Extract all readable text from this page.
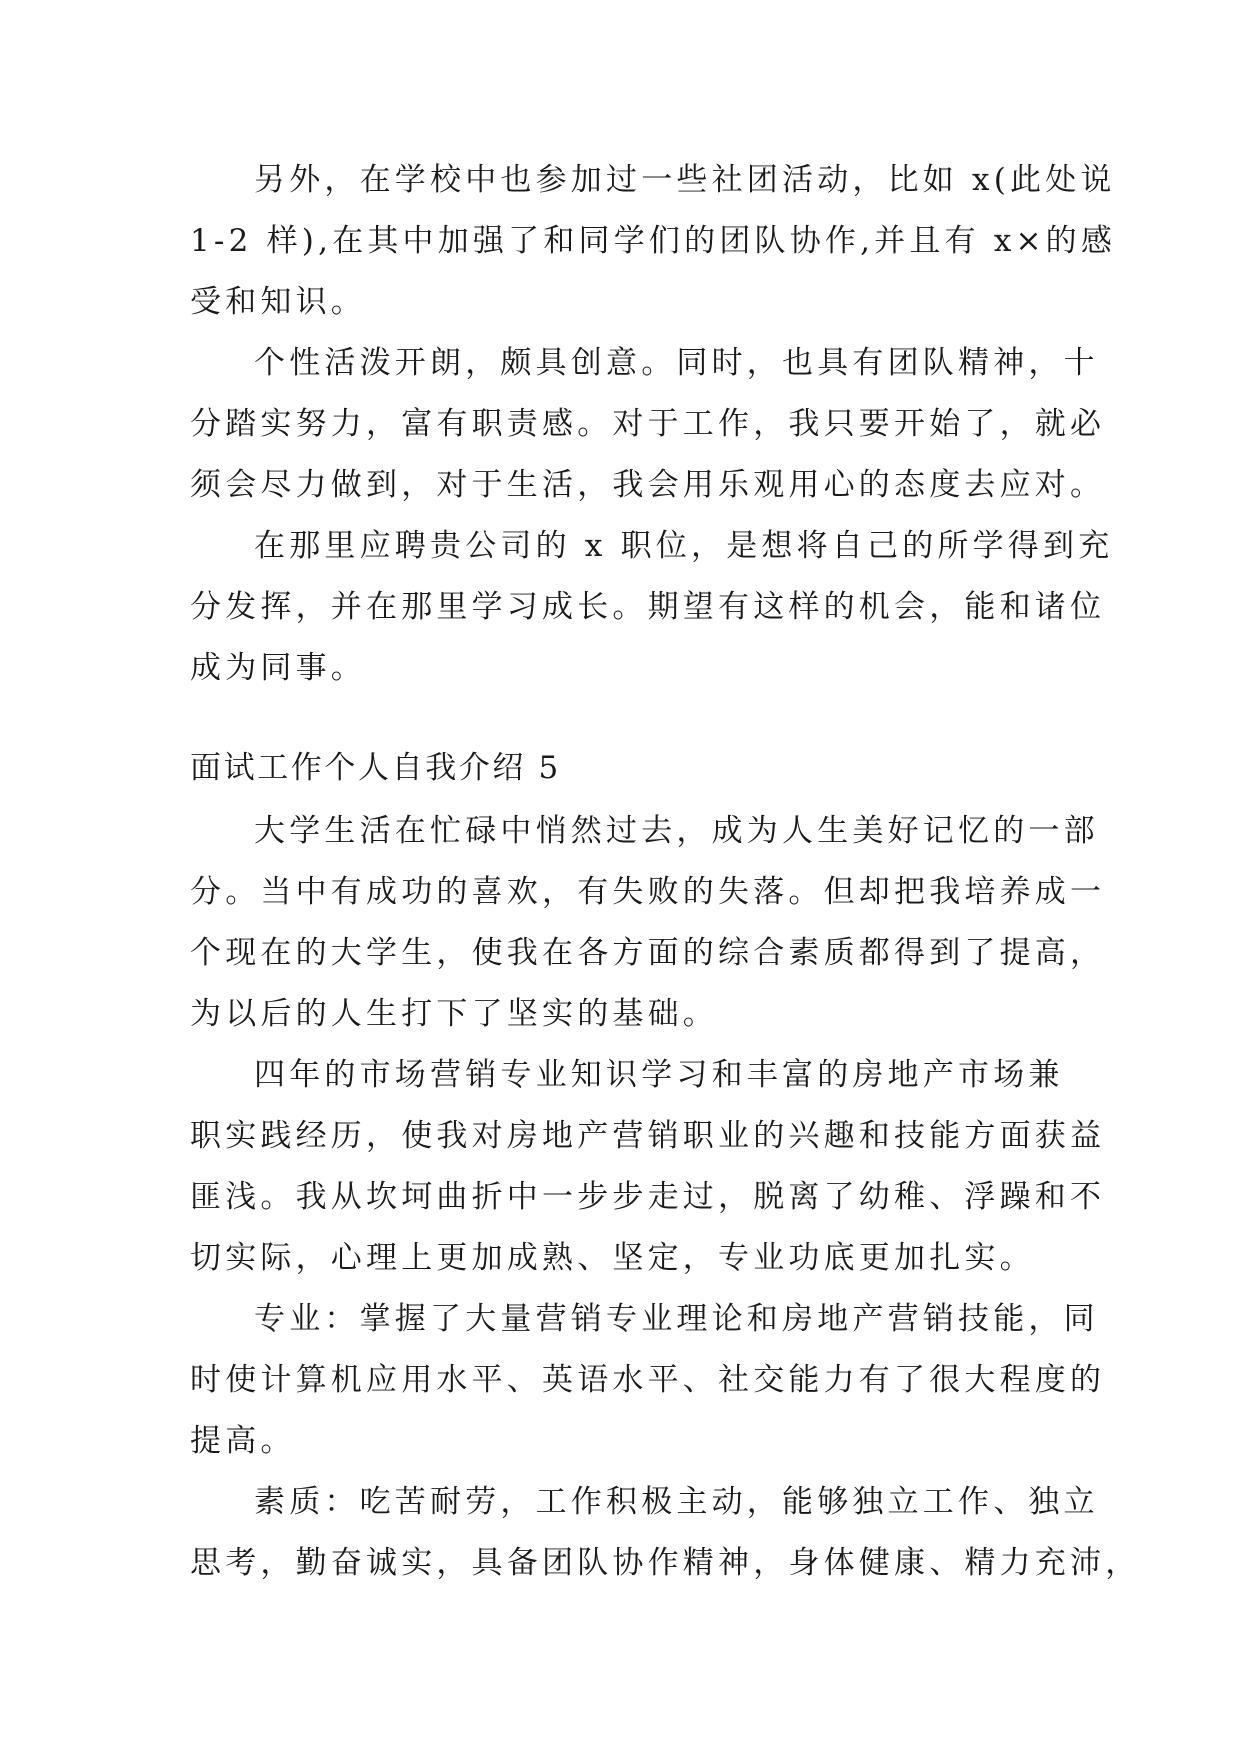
另外，在学校中也参加过一些社团活动，比如 x(此处说

1-2 样),在其中加强了和同学们的团队协作,并且有 x×的感

受和知识。

个性活泼开朗，颇具创意。同时，也具有团队精神，十

分踏实努力，富有职责感。对于工作，我只要开始了，就必

须会尽力做到，对于生活，我会用乐观用心的态度去应对。

在那里应聘贵公司的 x 职位，是想将自己的所学得到充

分发挥，并在那里学习成长。期望有这样的机会，能和诸位

成为同事。

面试工作个人自我介绍 5

大学生活在忙碌中悄然过去，成为人生美好记忆的一部

分。当中有成功的喜欢，有失败的失落。但却把我培养成一

个现在的大学生，使我在各方面的综合素质都得到了提高，

为以后的人生打下了坚实的基础。

四年的市场营销专业知识学习和丰富的房地产市场兼

职实践经历，使我对房地产营销职业的兴趣和技能方面获益

匪浅。我从坎坷曲折中一步步走过，脱离了幼稚、浮躁和不

切实际，心理上更加成熟、坚定，专业功底更加扎实。

专业：掌握了大量营销专业理论和房地产营销技能，同

时使计算机应用水平、英语水平、社交能力有了很大程度的

提高。

素质：吃苦耐劳，工作积极主动，能够独立工作、独立

思考，勤奋诚实，具备团队协作精神，身体健康、精力充沛，
